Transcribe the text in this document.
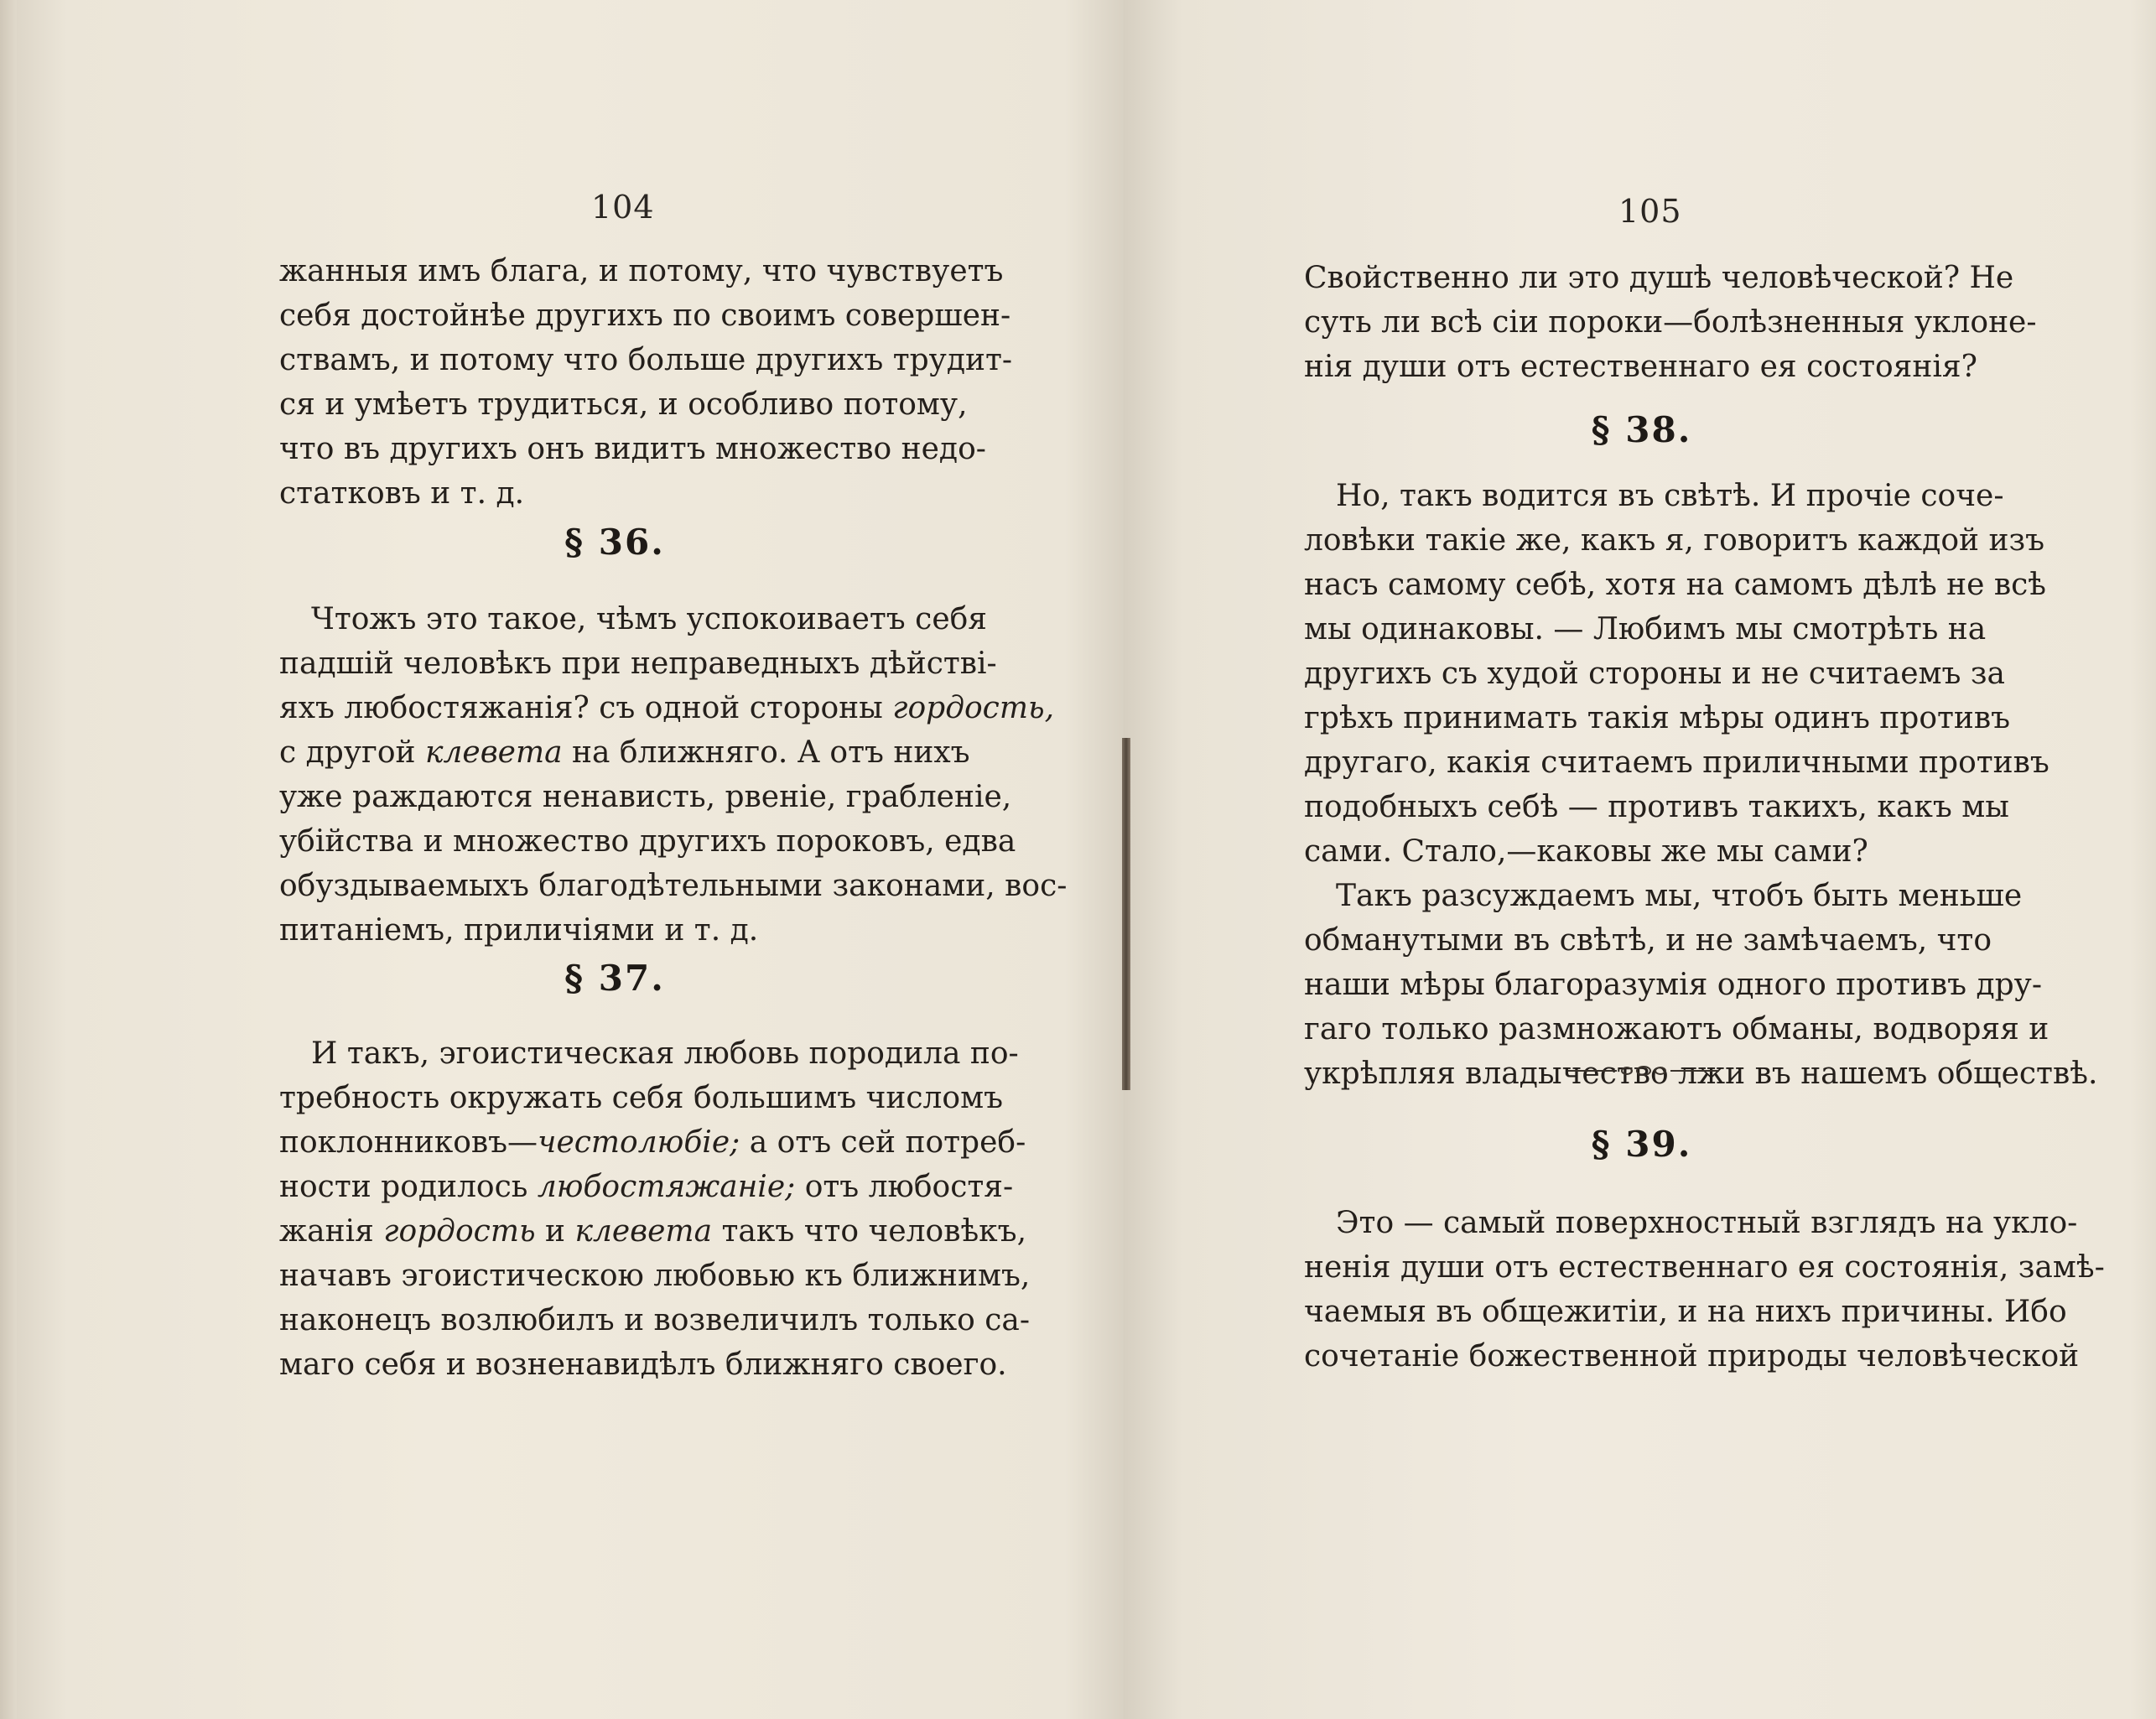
104
жанныя имъ блага, и потому, что чувствуетъ
себя достойнѣе другихъ по своимъ совершен-
ствамъ, и потому что больше другихъ трудит-
ся и умѣетъ трудиться, и особливо потому,
что въ другихъ онъ видитъ множество недо-
статковъ и т. д.
§ 36.
Чтожъ это такое, чѣмъ успокоиваетъ себя
падшій человѣкъ при неправедныхъ дѣйствi-
яхъ любостяжанія? съ одной стороны гордость,
с другой клевета на ближняго. А отъ нихъ
уже раждаются ненависть, рвеніе, грабленіе,
убійства и множество другихъ пороковъ, едва
обуздываемыхъ благодѣтельными законами, вос-
питаніемъ, приличіями и т. д.
§ 37.
И такъ, эгоистическая любовь породила по-
требность окружать себя большимъ числомъ
поклонниковъ—честолюбіе; а отъ сей потреб-
ности родилось любостяжаніе; отъ любостя-
жанія гордость и клевета такъ что человѣкъ,
начавъ эгоистическою любовью къ ближнимъ,
наконецъ возлюбилъ и возвеличилъ только са-
маго себя и возненавидѣлъ ближняго своего.
105
Свойственно ли это душѣ человѣческой? Не
суть ли всѣ сіи пороки—болѣзненныя уклоне-
нія души отъ естественнаго ея состоянія?
§ 38.
Но, такъ водится въ свѣтѣ. И прочіе соче-
ловѣки такіе же, какъ я, говоритъ каждой изъ
насъ самому себѣ, хотя на самомъ дѣлѣ не всѣ
мы одинаковы. — Любимъ мы смотрѣть на
другихъ съ худой стороны и не считаемъ за
грѣхъ принимать такія мѣры одинъ противъ
другаго, какія считаемъ приличными противъ
подобныхъ себѣ — противъ такихъ, какъ мы
сами. Стало,—каковы же мы сами?
Такъ разсуждаемъ мы, чтобъ быть меньше
обманутыми въ свѣтѣ, и не замѣчаемъ, что
наши мѣры благоразумія одного противъ дру-
гаго только размножаютъ обманы, водворяя и
укрѣпляя владычество лжи въ нашемъ обществѣ.
§ 39.
Это — самый поверхностный взглядъ на укло-
ненія души отъ естественнаго ея состоянія, замѣ-
чаемыя въ общежитіи, и на нихъ причины. Ибо
сочетаніе божественной природы человѣческой
